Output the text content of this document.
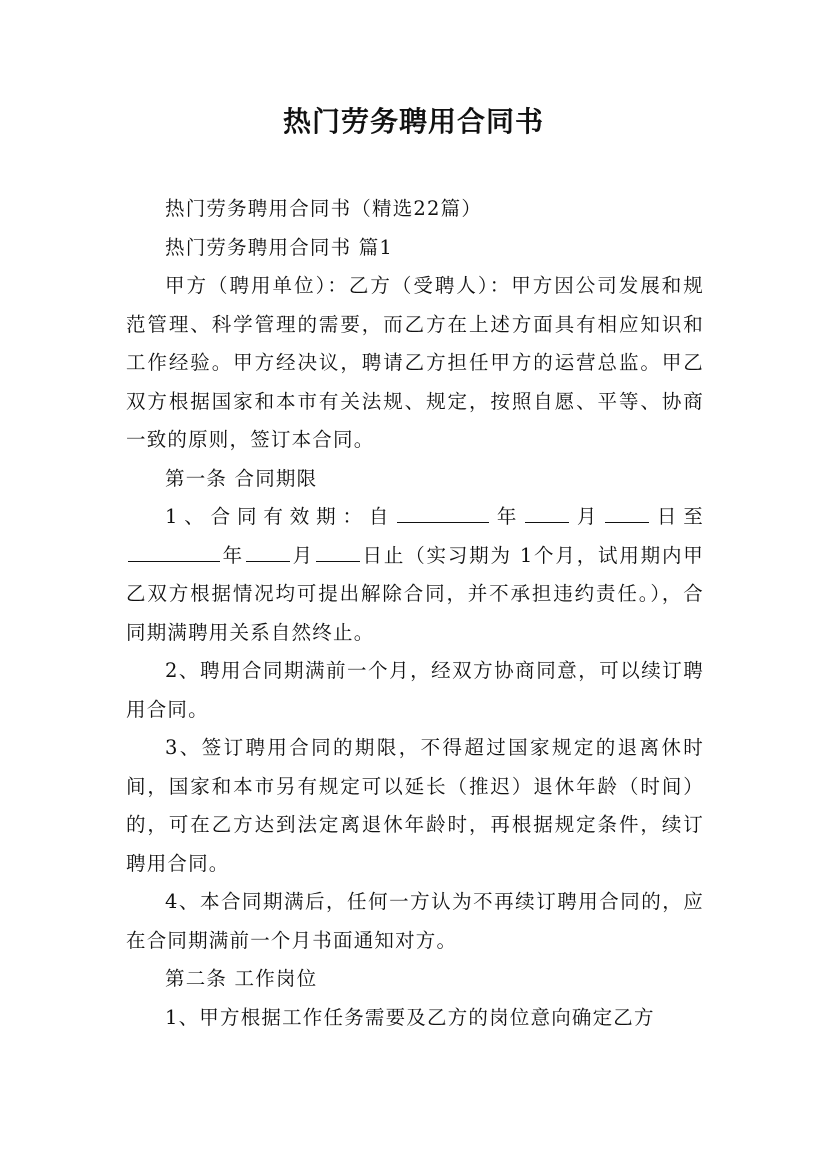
热门劳务聘用合同书

热门劳务聘用合同书（精选22篇）

热门劳务聘用合同书 篇1

甲方（聘用单位）：乙方（受聘人）：甲方因公司发展和规范管理、科学管理的需要，而乙方在上述方面具有相应知识和工作经验。甲方经决议，聘请乙方担任甲方的运营总监。甲乙双方根据国家和本市有关法规、规定，按照自愿、平等、协商一致的原则，签订本合同。

第一条 合同期限

1、合同有效期：自	年 月 日至年 月 日止（实习期为 1个月，试用期内甲乙双方根据情况均可提出解除合同，并不承担违约责任。），合同期满聘用关系自然终止。

2、聘用合同期满前一个月，经双方协商同意，可以续订聘用合同。

3、签订聘用合同的期限，不得超过国家规定的退离休时间，国家和本市另有规定可以延长（推迟）退休年龄（时间）的，可在乙方达到法定离退休年龄时，再根据规定条件，续订聘用合同。

4、本合同期满后，任何一方认为不再续订聘用合同的，应在合同期满前一个月书面通知对方。

第二条 工作岗位

1、甲方根据工作任务需要及乙方的岗位意向确定乙方
